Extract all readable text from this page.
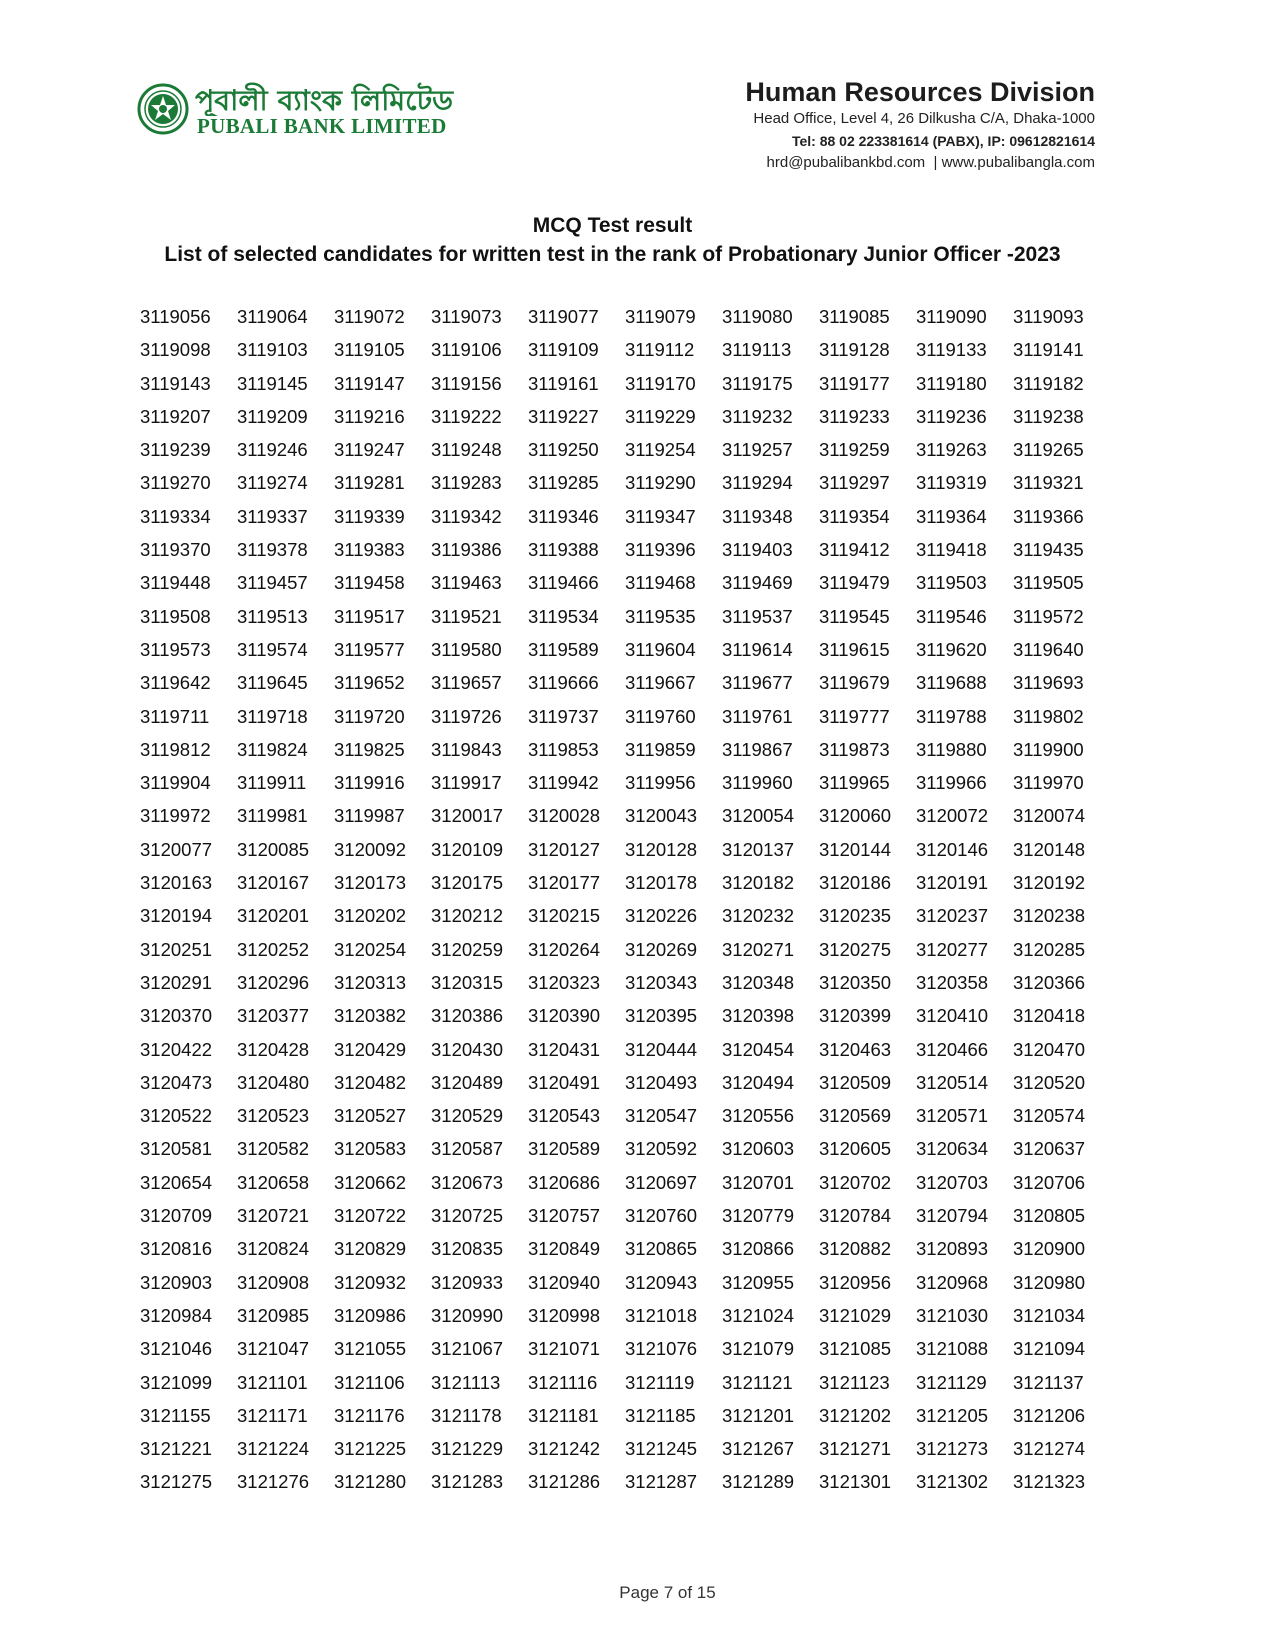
পূবালী ব্যাংক লিমিটেড
PUBALI BANK LIMITED
Human Resources Division
Head Office, Level 4, 26 Dilkusha C/A, Dhaka-1000
Tel: 88 02 223381614 (PABX), IP: 09612821614
hrd@pubalibankbd.com  | www.pubalibangla.com
MCQ Test result
List of selected candidates for written test in the rank of Probationary Junior Officer -2023
3119056	3119064	3119072	3119073	3119077	3119079	3119080	3119085	3119090	3119093
3119098	3119103	3119105	3119106	3119109	3119112	3119113	3119128	3119133	3119141
3119143	3119145	3119147	3119156	3119161	3119170	3119175	3119177	3119180	3119182
3119207	3119209	3119216	3119222	3119227	3119229	3119232	3119233	3119236	3119238
3119239	3119246	3119247	3119248	3119250	3119254	3119257	3119259	3119263	3119265
3119270	3119274	3119281	3119283	3119285	3119290	3119294	3119297	3119319	3119321
3119334	3119337	3119339	3119342	3119346	3119347	3119348	3119354	3119364	3119366
3119370	3119378	3119383	3119386	3119388	3119396	3119403	3119412	3119418	3119435
3119448	3119457	3119458	3119463	3119466	3119468	3119469	3119479	3119503	3119505
3119508	3119513	3119517	3119521	3119534	3119535	3119537	3119545	3119546	3119572
3119573	3119574	3119577	3119580	3119589	3119604	3119614	3119615	3119620	3119640
3119642	3119645	3119652	3119657	3119666	3119667	3119677	3119679	3119688	3119693
3119711	3119718	3119720	3119726	3119737	3119760	3119761	3119777	3119788	3119802
3119812	3119824	3119825	3119843	3119853	3119859	3119867	3119873	3119880	3119900
3119904	3119911	3119916	3119917	3119942	3119956	3119960	3119965	3119966	3119970
3119972	3119981	3119987	3120017	3120028	3120043	3120054	3120060	3120072	3120074
3120077	3120085	3120092	3120109	3120127	3120128	3120137	3120144	3120146	3120148
3120163	3120167	3120173	3120175	3120177	3120178	3120182	3120186	3120191	3120192
3120194	3120201	3120202	3120212	3120215	3120226	3120232	3120235	3120237	3120238
3120251	3120252	3120254	3120259	3120264	3120269	3120271	3120275	3120277	3120285
3120291	3120296	3120313	3120315	3120323	3120343	3120348	3120350	3120358	3120366
3120370	3120377	3120382	3120386	3120390	3120395	3120398	3120399	3120410	3120418
3120422	3120428	3120429	3120430	3120431	3120444	3120454	3120463	3120466	3120470
3120473	3120480	3120482	3120489	3120491	3120493	3120494	3120509	3120514	3120520
3120522	3120523	3120527	3120529	3120543	3120547	3120556	3120569	3120571	3120574
3120581	3120582	3120583	3120587	3120589	3120592	3120603	3120605	3120634	3120637
3120654	3120658	3120662	3120673	3120686	3120697	3120701	3120702	3120703	3120706
3120709	3120721	3120722	3120725	3120757	3120760	3120779	3120784	3120794	3120805
3120816	3120824	3120829	3120835	3120849	3120865	3120866	3120882	3120893	3120900
3120903	3120908	3120932	3120933	3120940	3120943	3120955	3120956	3120968	3120980
3120984	3120985	3120986	3120990	3120998	3121018	3121024	3121029	3121030	3121034
3121046	3121047	3121055	3121067	3121071	3121076	3121079	3121085	3121088	3121094
3121099	3121101	3121106	3121113	3121116	3121119	3121121	3121123	3121129	3121137
3121155	3121171	3121176	3121178	3121181	3121185	3121201	3121202	3121205	3121206
3121221	3121224	3121225	3121229	3121242	3121245	3121267	3121271	3121273	3121274
3121275	3121276	3121280	3121283	3121286	3121287	3121289	3121301	3121302	3121323
Page 7 of 15
